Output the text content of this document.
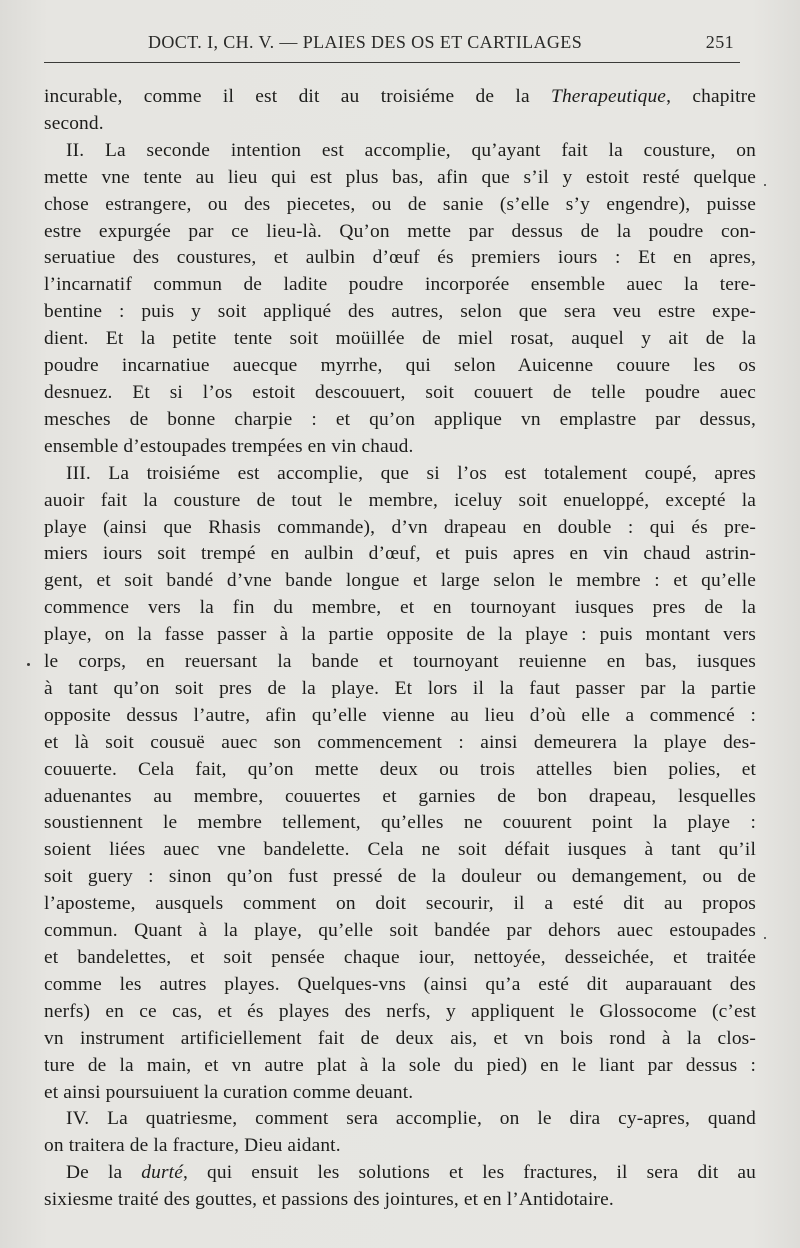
DOCT. I, CH. V. — PLAIES DES OS ET CARTILAGES	251
incurable, comme il est dit au troisiéme de la Therapeutique, chapitre
second.
II. La seconde intention est accomplie, qu’ayant fait la cousture, on
mette vne tente au lieu qui est plus bas, afin que s’il y estoit resté quelque
chose estrangere, ou des piecetes, ou de sanie (s’elle s’y engendre), puisse
estre expurgée par ce lieu-là. Qu’on mette par dessus de la poudre con-
seruatiue des coustures, et aulbin d’œuf és premiers iours : Et en apres,
l’incarnatif commun de ladite poudre incorporée ensemble auec la tere-
bentine : puis y soit appliqué des autres, selon que sera veu estre expe-
dient. Et la petite tente soit moüillée de miel rosat, auquel y ait de la
poudre incarnatiue auecque myrrhe, qui selon Auicenne couure les os
desnuez. Et si l’os estoit descouuert, soit couuert de telle poudre auec
mesches de bonne charpie : et qu’on applique vn emplastre par dessus,
ensemble d’estoupades trempées en vin chaud.
III. La troisiéme est accomplie, que si l’os est totalement coupé, apres
auoir fait la cousture de tout le membre, iceluy soit enueloppé, excepté la
playe (ainsi que Rhasis commande), d’vn drapeau en double : qui és pre-
miers iours soit trempé en aulbin d’œuf, et puis apres en vin chaud astrin-
gent, et soit bandé d’vne bande longue et large selon le membre : et qu’elle
commence vers la fin du membre, et en tournoyant iusques pres de la
playe, on la fasse passer à la partie opposite de la playe : puis montant vers
le corps, en reuersant la bande et tournoyant reuienne en bas, iusques
à tant qu’on soit pres de la playe. Et lors il la faut passer par la partie
opposite dessus l’autre, afin qu’elle vienne au lieu d’où elle a commencé :
et là soit cousuë auec son commencement : ainsi demeurera la playe des-
couuerte. Cela fait, qu’on mette deux ou trois attelles bien polies, et
aduenantes au membre, couuertes et garnies de bon drapeau, lesquelles
soustiennent le membre tellement, qu’elles ne couurent point la playe :
soient liées auec vne bandelette. Cela ne soit défait iusques à tant qu’il
soit guery : sinon qu’on fust pressé de la douleur ou demangement, ou de
l’aposteme, ausquels comment on doit secourir, il a esté dit au propos
commun. Quant à la playe, qu’elle soit bandée par dehors auec estoupades
et bandelettes, et soit pensée chaque iour, nettoyée, desseichée, et traitée
comme les autres playes. Quelques-vns (ainsi qu’a esté dit auparauant des
nerfs) en ce cas, et és playes des nerfs, y appliquent le Glossocome (c’est
vn instrument artificiellement fait de deux ais, et vn bois rond à la clos-
ture de la main, et vn autre plat à la sole du pied) en le liant par dessus :
et ainsi poursuiuent la curation comme deuant.
IV. La quatriesme, comment sera accomplie, on le dira cy-apres, quand
on traitera de la fracture, Dieu aidant.
De la durté, qui ensuit les solutions et les fractures, il sera dit au
sixiesme traité des gouttes, et passions des jointures, et en l’Antidotaire.
